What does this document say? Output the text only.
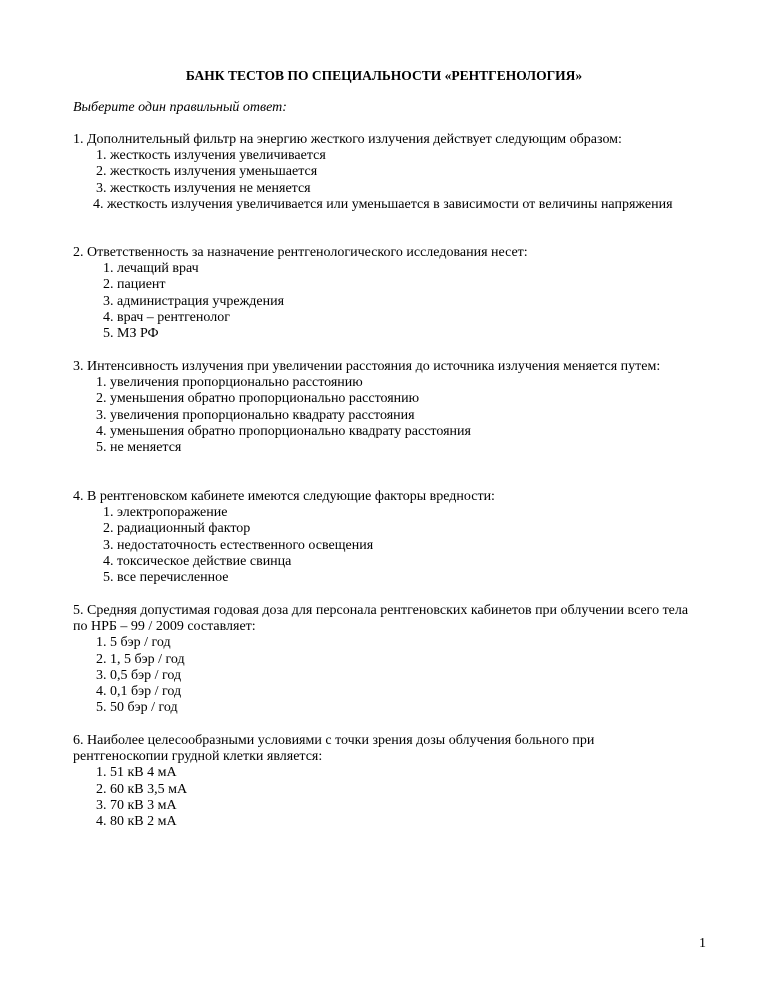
БАНК ТЕСТОВ ПО СПЕЦИАЛЬНОСТИ «РЕНТГЕНОЛОГИЯ»
Выберите один правильный ответ:

1. Дополнительный фильтр на энергию жесткого излучения действует следующим образом:

1. жесткость излучения увеличивается
2. жесткость излучения уменьшается
3. жесткость излучения не меняется
4. жесткость излучения увеличивается или уменьшается в зависимости от величины напряжения

2. Ответственность за назначение рентгенологического исследования несет:

1. лечащий врач
2. пациент
3. администрация учреждения
4. врач – рентгенолог
5. МЗ РФ

3. Интенсивность излучения при увеличении расстояния до источника излучения меняется путем:

1. увеличения пропорционально расстоянию
2. уменьшения обратно пропорционально расстоянию
3. увеличения пропорционально квадрату расстояния
4. уменьшения обратно пропорционально квадрату расстояния
5. не меняется

4. В рентгеновском кабинете имеются следующие факторы вредности:

1. электропоражение
2. радиационный фактор
3. недостаточность естественного освещения
4. токсическое действие свинца
5. все перечисленное

5. Средняя допустимая годовая доза для персонала рентгеновских кабинетов при облучении всего тела по НРБ – 99 / 2009 составляет:

1. 5 бэр / год
2. 1, 5 бэр / год
3. 0,5 бэр / год
4. 0,1 бэр / год
5. 50 бэр / год

6. Наиболее целесообразными условиями с точки зрения дозы облучения больного при рентгеноскопии грудной клетки является:

1. 51 кВ 4 мА
2. 60 кВ 3,5 мА
3. 70 кВ 3 мА
4. 80 кВ 2 мА
1
